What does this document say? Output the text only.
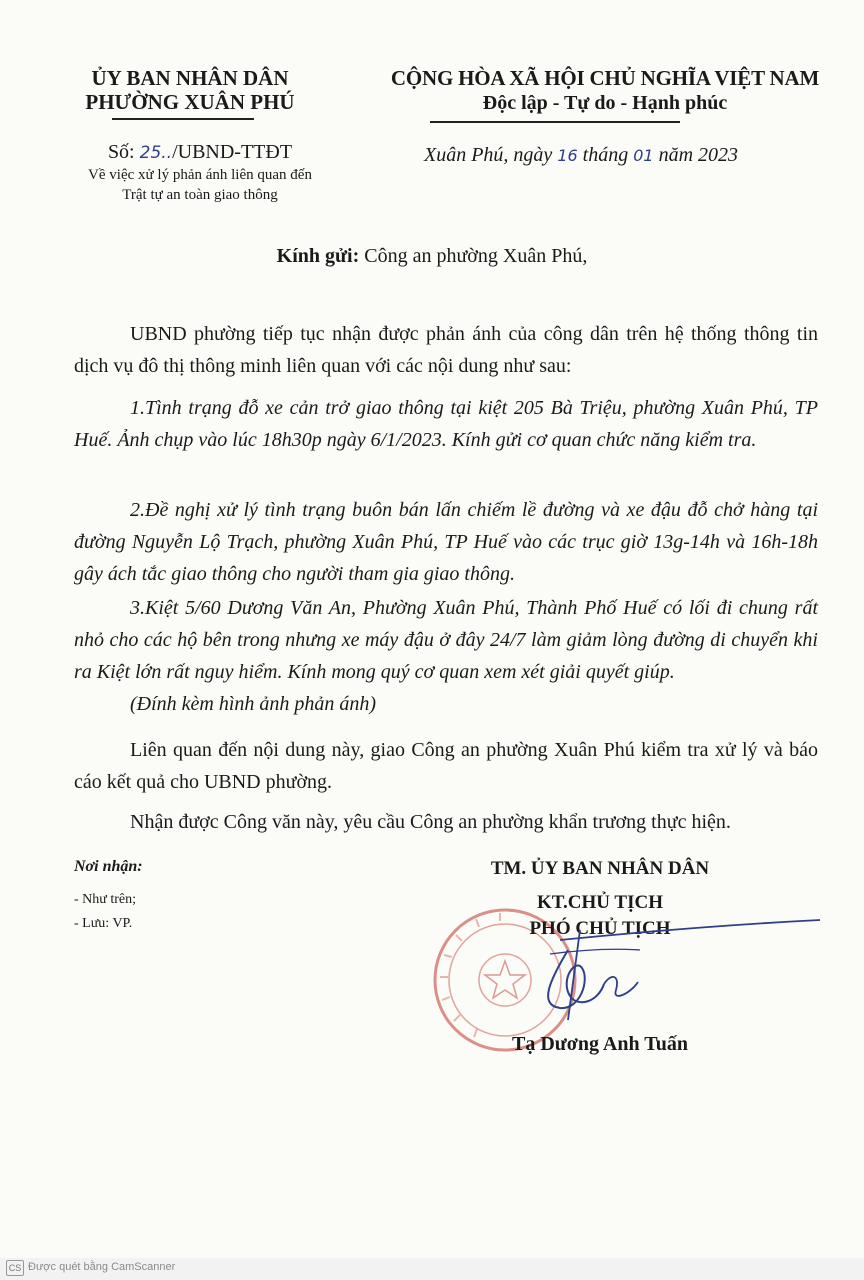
ỦY BAN NHÂN DÂN
PHƯỜNG XUÂN PHÚ
CỘNG HÒA XÃ HỘI CHỦ NGHĨA VIỆT NAM
Độc lập - Tự do - Hạnh phúc
Số: 25../UBND-TTĐT
Về việc xử lý phản ánh liên quan đến
Trật tự an toàn giao thông
Xuân Phú, ngày 16 tháng 01 năm 2023
Kính gửi: Công an phường Xuân Phú,
UBND phường tiếp tục nhận được phản ánh của công dân trên hệ thống thông tin dịch vụ đô thị thông minh liên quan với các nội dung như sau:
1.Tình trạng đỗ xe cản trở giao thông tại kiệt 205 Bà Triệu, phường Xuân Phú, TP Huế. Ảnh chụp vào lúc 18h30p ngày 6/1/2023. Kính gửi cơ quan chức năng kiểm tra.
2.Đề nghị xử lý tình trạng buôn bán lấn chiếm lề đường và xe đậu đỗ chở hàng tại đường Nguyễn Lộ Trạch, phường Xuân Phú, TP Huế vào các trục giờ 13g-14h và 16h-18h gây ách tắc giao thông cho người tham gia giao thông.
3.Kiệt 5/60 Dương Văn An, Phường Xuân Phú, Thành Phố Huế có lối đi chung rất nhỏ cho các hộ bên trong nhưng xe máy đậu ở đây 24/7 làm giảm lòng đường di chuyển khi ra Kiệt lớn rất nguy hiểm. Kính mong quý cơ quan xem xét giải quyết giúp.
(Đính kèm hình ảnh phản ánh)
Liên quan đến nội dung này, giao Công an phường Xuân Phú kiểm tra xử lý và báo cáo kết quả cho UBND phường.
Nhận được Công văn này, yêu cầu Công an phường khẩn trương thực hiện.
Nơi nhận:
- Như trên;
- Lưu: VP.
TM. ỦY BAN NHÂN DÂN
KT.CHỦ TỊCH
PHÓ CHỦ TỊCH
Tạ Dương Anh Tuấn
CS Được quét bằng CamScanner
